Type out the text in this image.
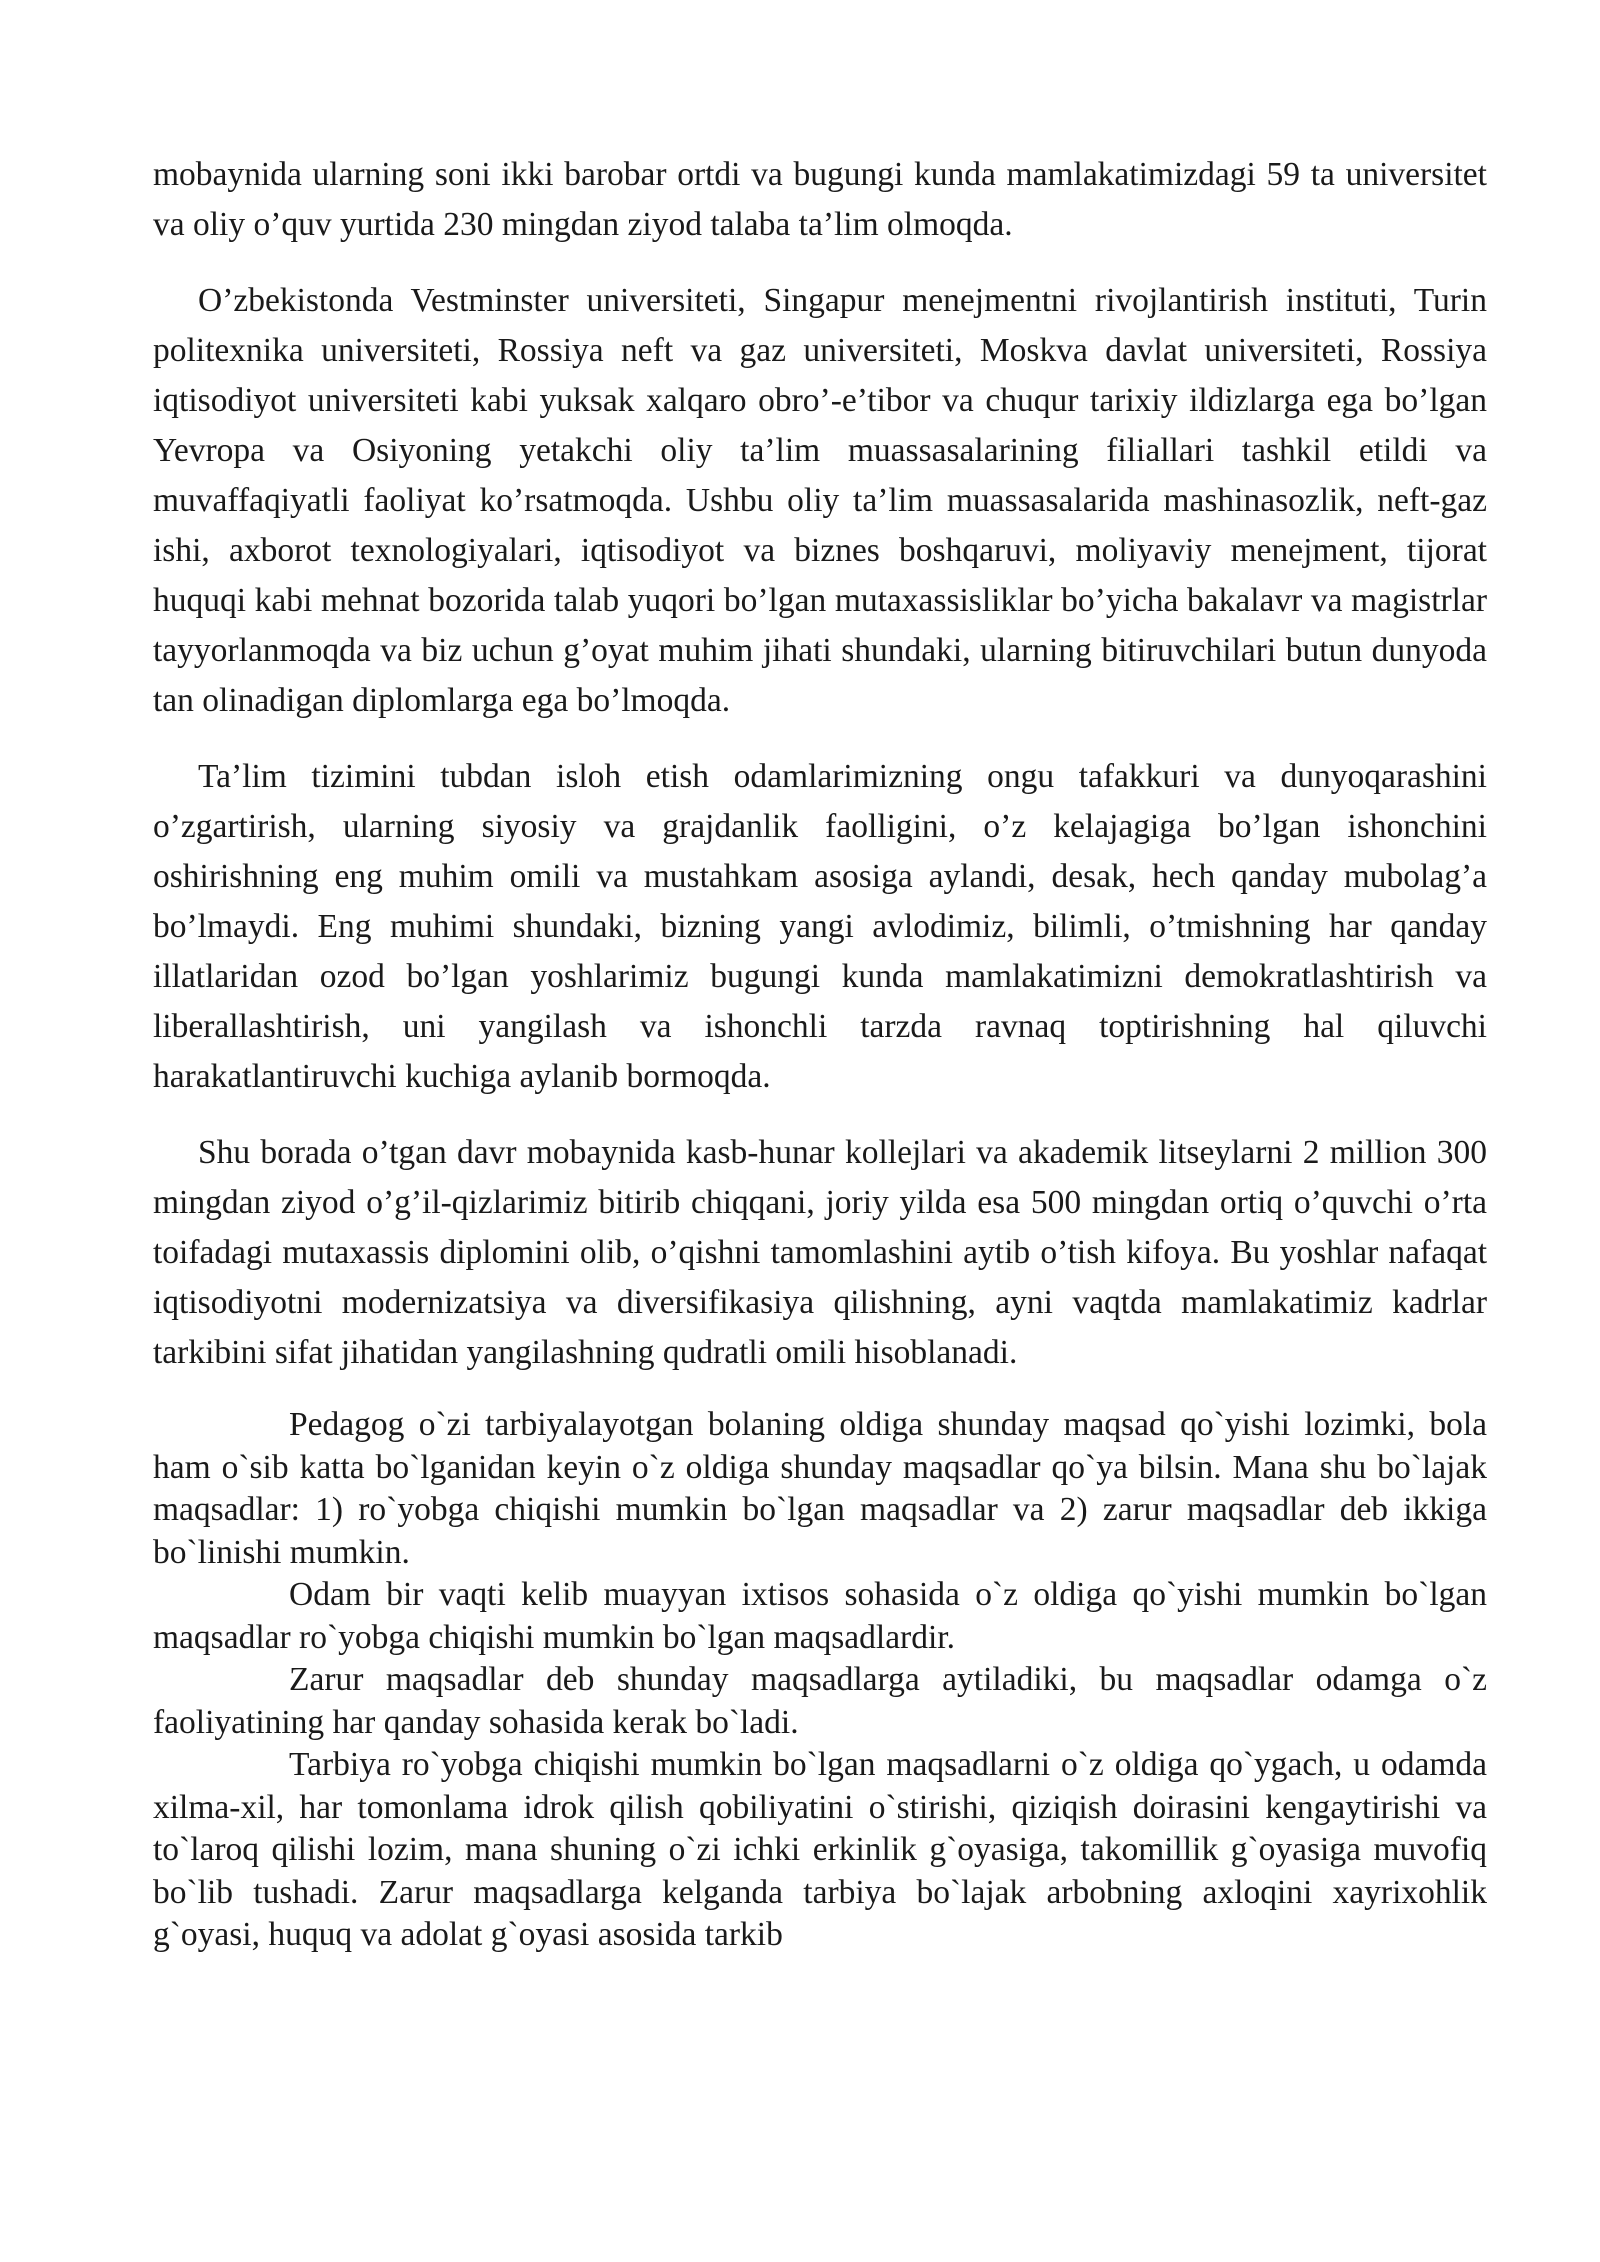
mobaynida ularning soni ikki barobar ortdi va bugungi kunda mamlakatimizdagi 59 ta universitet va oliy o’quv yurtida 230 mingdan ziyod talaba ta’lim olmoqda.

O’zbekistonda Vestminster universiteti, Singapur menejmentni rivojlantirish instituti, Turin politexnika universiteti, Rossiya neft va gaz universiteti, Moskva davlat universiteti, Rossiya iqtisodiyot universiteti kabi yuksak xalqaro obro’-e’tibor va chuqur tarixiy ildizlarga ega bo’lgan Yevropa va Osiyoning yetakchi oliy ta’lim muassasalarining filiallari tashkil etildi va muvaffaqiyatli faoliyat ko’rsatmoqda. Ushbu oliy ta’lim muassasalarida mashinasozlik, neft-gaz ishi, axborot texnologiyalari, iqtisodiyot va biznes boshqaruvi, moliyaviy menejment, tijorat huquqi kabi mehnat bozorida talab yuqori bo’lgan mutaxassisliklar bo’yicha bakalavr va magistrlar tayyorlanmoqda va biz uchun g’oyat muhim jihati shundaki, ularning bitiruvchilari butun dunyoda tan olinadigan diplomlarga ega bo’lmoqda.

Ta’lim tizimini tubdan isloh etish odamlarimizning ongu tafakkuri va dunyoqarashini o’zgartirish, ularning siyosiy va grajdanlik faolligini, o’z kelajagiga bo’lgan ishonchini oshirishning eng muhim omili va mustahkam asosiga aylandi, desak, hech qanday mubolag’a bo’lmaydi. Eng muhimi shundaki, bizning yangi avlodimiz, bilimli, o’tmishning har qanday illatlaridan ozod bo’lgan yoshlarimiz bugungi kunda mamlakatimizni demokratlashtirish va liberallashtirish, uni yangilash va ishonchli tarzda ravnaq toptirishning hal qiluvchi harakatlantiruvchi kuchiga aylanib bormoqda.

Shu borada o’tgan davr mobaynida kasb-hunar kollejlari va akademik litseylarni 2 million 300 mingdan ziyod o’g’il-qizlarimiz bitirib chiqqani, joriy yilda esa 500 mingdan ortiq o’quvchi o’rta toifadagi mutaxassis diplomini olib, o’qishni tamomlashini aytib o’tish kifoya. Bu yoshlar nafaqat iqtisodiyotni modernizatsiya va diversifikasiya qilishning, ayni vaqtda mamlakatimiz kadrlar tarkibini sifat jihatidan yangilashning qudratli omili hisoblanadi.

Pedagog o`zi tarbiyalayotgan bolaning oldiga shunday maqsad qo`yishi lozimki, bola ham o`sib katta bo`lganidan keyin o`z oldiga shunday maqsadlar qo`ya bilsin. Mana shu bo`lajak maqsadlar: 1) ro`yobga chiqishi mumkin bo`lgan maqsadlar va 2) zarur maqsadlar deb ikkiga bo`linishi mumkin.

Odam bir vaqti kelib muayyan ixtisos sohasida o`z oldiga qo`yishi mumkin bo`lgan maqsadlar ro`yobga chiqishi mumkin bo`lgan maqsadlardir.

Zarur maqsadlar deb shunday maqsadlarga aytiladiki, bu maqsadlar odamga o`z faoliyatining har qanday sohasida kerak bo`ladi.

Tarbiya ro`yobga chiqishi mumkin bo`lgan maqsadlarni o`z oldiga qo`ygach, u odamda xilma-xil, har tomonlama idrok qilish qobiliyatini o`stirishi, qiziqish doirasini kengaytirishi va to`laroq qilishi lozim, mana shuning o`zi ichki erkinlik g`oyasiga, takomillik g`oyasiga muvofiq bo`lib tushadi. Zarur maqsadlarga kelganda tarbiya bo`lajak arbobning axloqini xayrixohlik g`oyasi, huquq va adolat g`oyasi asosida tarkib
